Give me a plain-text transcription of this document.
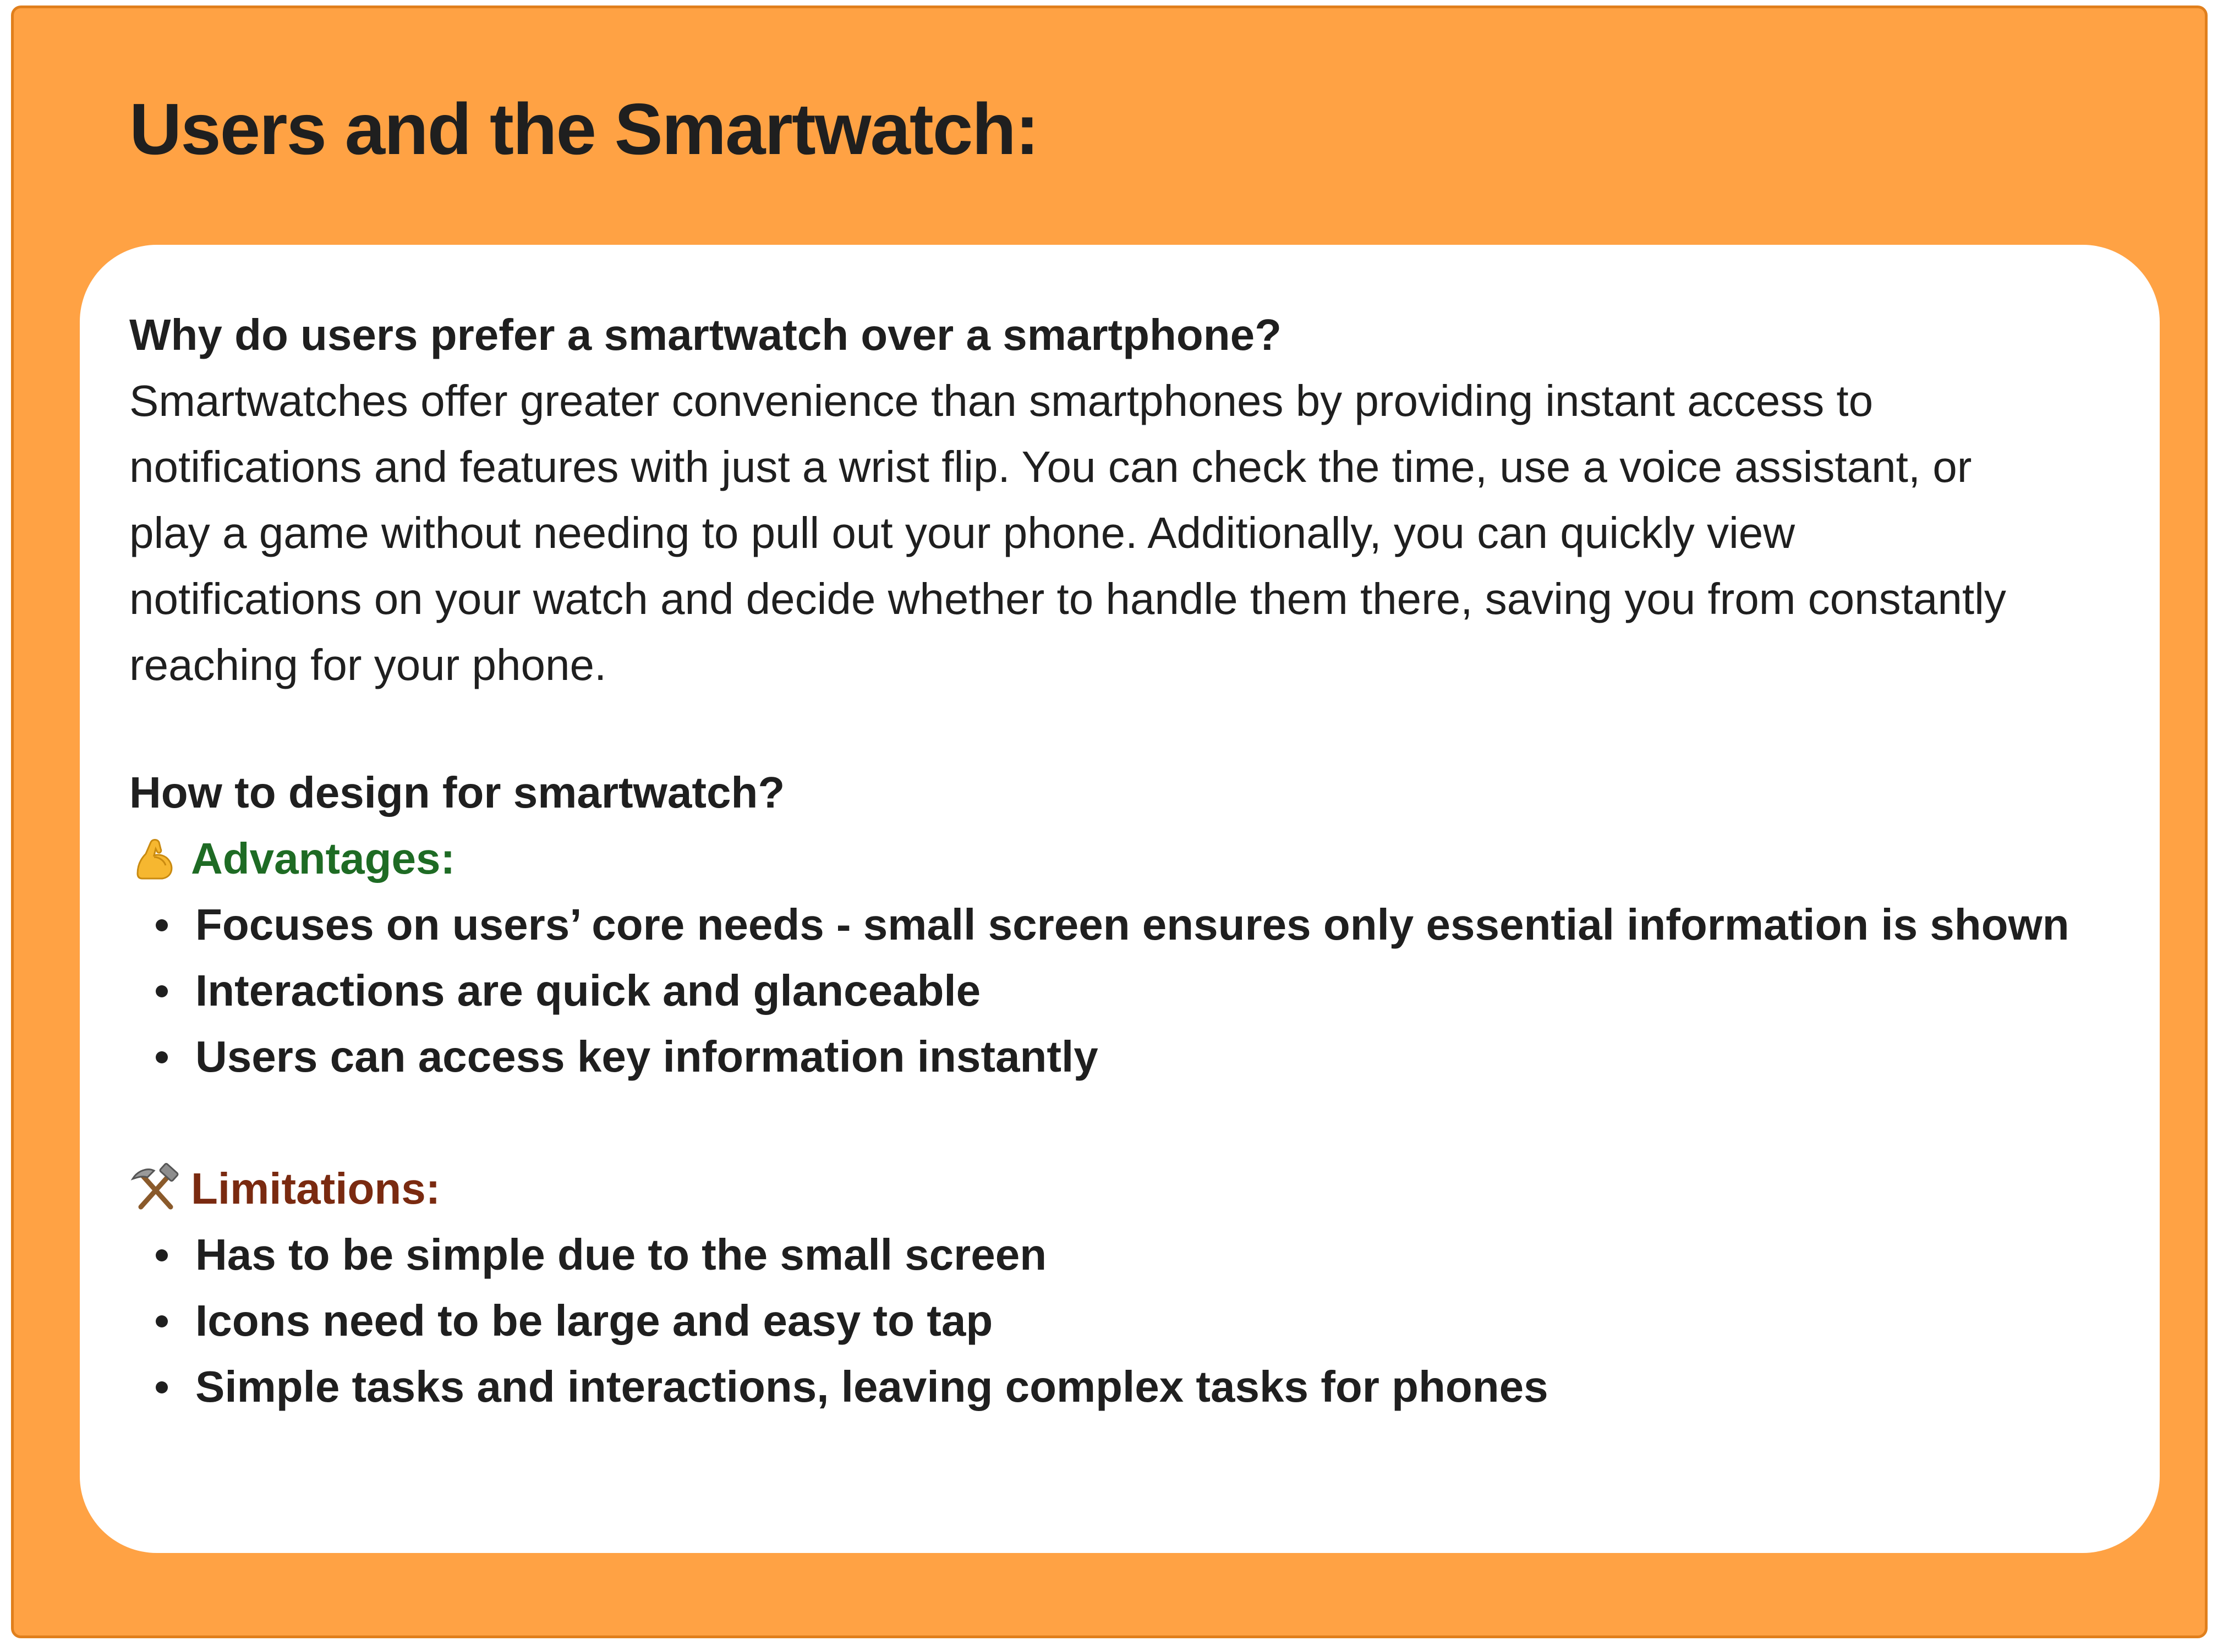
Users and the Smartwatch:
Why do users prefer a smartwatch over a smartphone?
Smartwatches offer greater convenience than smartphones by providing instant access to
notifications and features with just a wrist flip. You can check the time, use a voice assistant, or
play a game without needing to pull out your phone. Additionally, you can quickly view
notifications on your watch and decide whether to handle them there, saving you from constantly
reaching for your phone.
How to design for smartwatch?
Advantages:
Focuses on users’ core needs - small screen ensures only essential information is shown
Interactions are quick and glanceable
Users can access key information instantly
Limitations:
Has to be simple due to the small screen
Icons need to be large and easy to tap
Simple tasks and interactions, leaving complex tasks for phones
